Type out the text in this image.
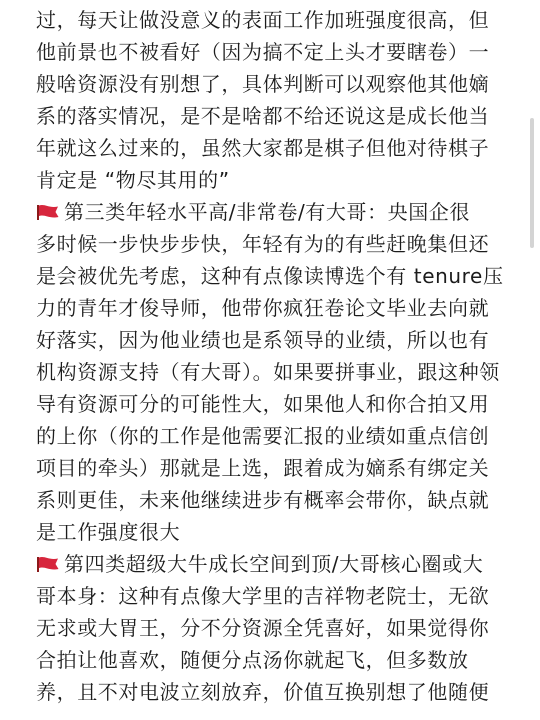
过，每天让做没意义的表面工作加班强度很高，但
他前景也不被看好（因为搞不定上头才要瞎卷）一
般啥资源没有别想了，具体判断可以观察他其他嫡
系的落实情况，是不是啥都不给还说这是成长他当
年就这么过来的，虽然大家都是棋子但他对待棋子
肯定是 “物尽其用的”
第三类年轻水平高/非常卷/有大哥：央国企很
多时候一步快步步快，年轻有为的有些赶晚集但还
是会被优先考虑，这种有点像读博选个有 tenure压
力的青年才俊导师，他带你疯狂卷论文毕业去向就
好落实，因为他业绩也是系领导的业绩，所以也有
机构资源支持（有大哥）。如果要拼事业，跟这种领
导有资源可分的可能性大，如果他人和你合拍又用
的上你（你的工作是他需要汇报的业绩如重点信创
项目的牵头）那就是上选，跟着成为嫡系有绑定关
系则更佳，未来他继续进步有概率会带你，缺点就
是工作强度很大
第四类超级大牛成长空间到顶/大哥核心圈或大
哥本身：这种有点像大学里的吉祥物老院士，无欲
无求或大胃王，分不分资源全凭喜好，如果觉得你
合拍让他喜欢，随便分点汤你就起飞，但多数放
养，且不对电波立刻放弃，价值互换别想了他随便
